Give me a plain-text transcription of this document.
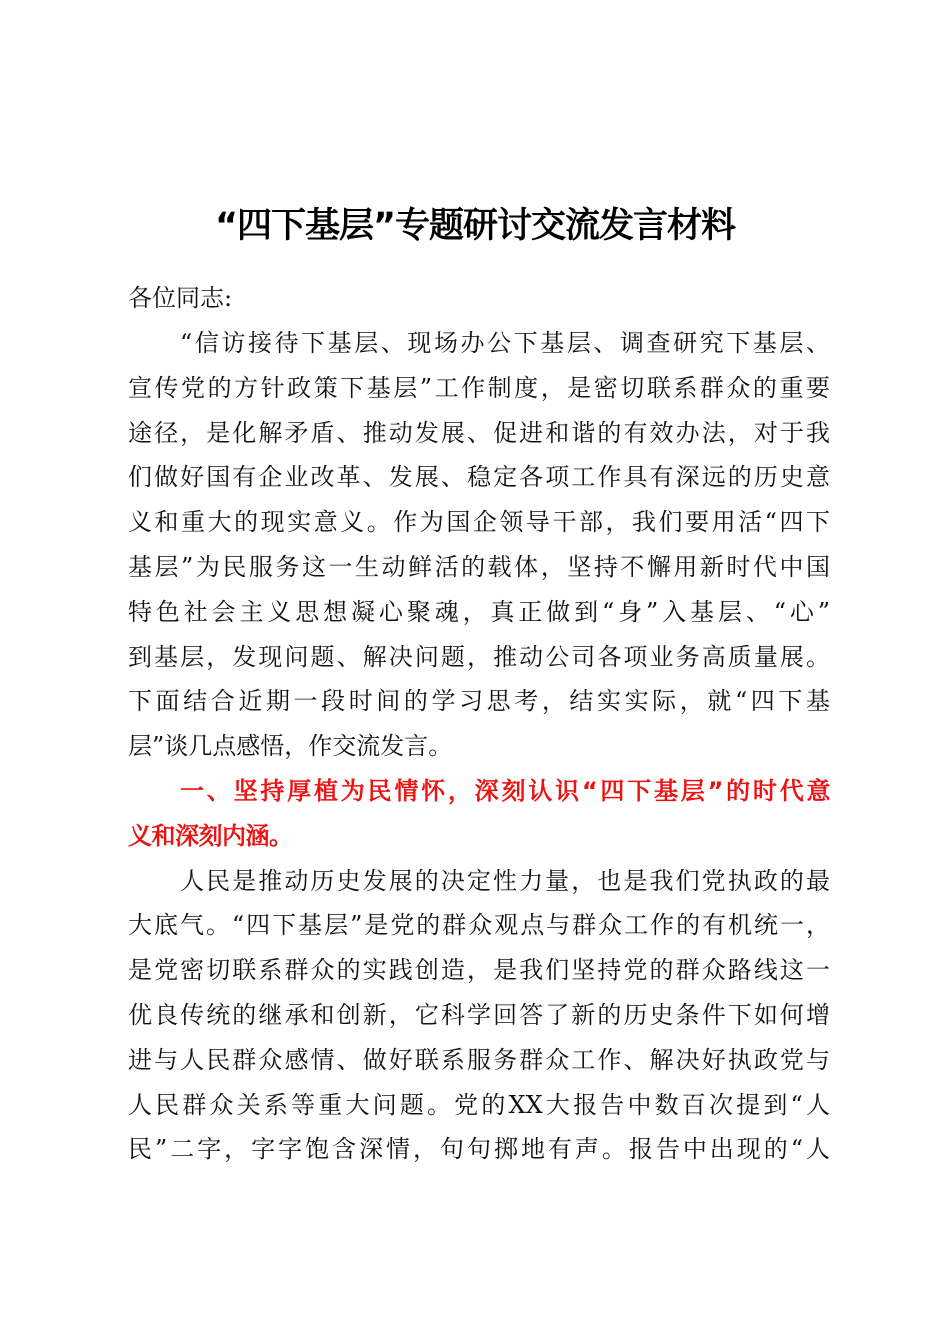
“四下基层”专题研讨交流发言材料
各位同志:
“信访接待下基层、现场办公下基层、调查研究下基层、
宣传党的方针政策下基层”工作制度，是密切联系群众的重要
途径，是化解矛盾、推动发展、促进和谐的有效办法，对于我
们做好国有企业改革、发展、稳定各项工作具有深远的历史意
义和重大的现实意义。作为国企领导干部，我们要用活“四下
基层”为民服务这一生动鲜活的载体，坚持不懈用新时代中国
特色社会主义思想凝心聚魂，真正做到“身”入基层、“心”
到基层，发现问题、解决问题，推动公司各项业务高质量展。
下面结合近期一段时间的学习思考，结实实际，就“四下基
层”谈几点感悟，作交流发言。
一、坚持厚植为民情怀，深刻认识“四下基层”的时代意
义和深刻内涵。
人民是推动历史发展的决定性力量，也是我们党执政的最
大底气。“四下基层”是党的群众观点与群众工作的有机统一，
是党密切联系群众的实践创造，是我们坚持党的群众路线这一
优良传统的继承和创新，它科学回答了新的历史条件下如何增
进与人民群众感情、做好联系服务群众工作、解决好执政党与
人民群众关系等重大问题。党的XX大报告中数百次提到“人
民”二字，字字饱含深情，句句掷地有声。报告中出现的“人
